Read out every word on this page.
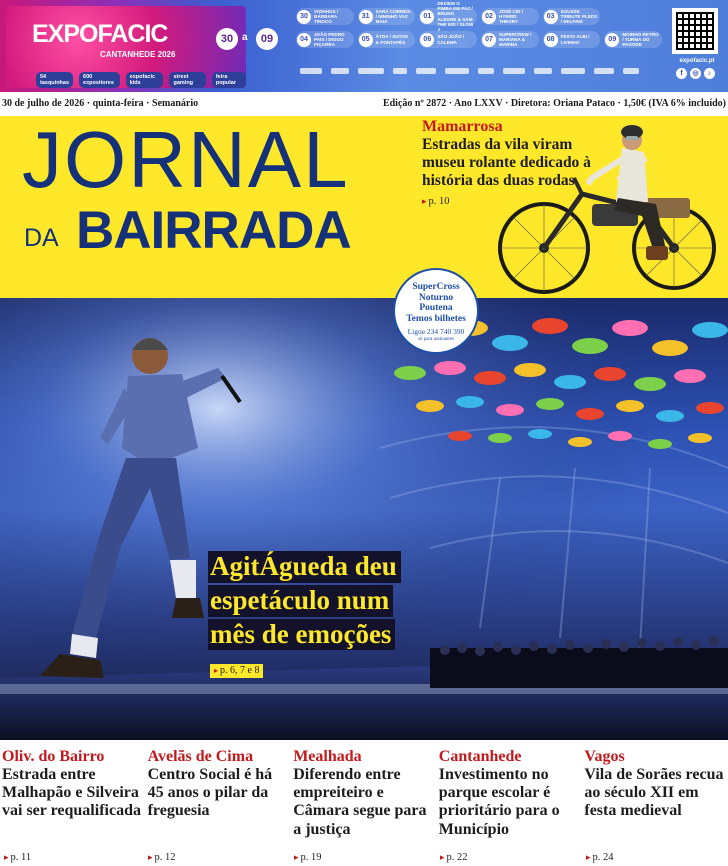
EXPOFACIC
CANTANHEDE 2026
30 a	09
54 tasquinhas
600 expositores
expofacic kids
street gaming
feira popular
30
VIZINHOS / BÁRBARA TINOCO
31
SARA CORREIA / NININHO VAZ MAIA
01
DEIXEM O PIMBA EM PAZ / BRUNO ALEGRE & SAM THE KID / SLOW J
02
JOSÉ CID / HYBRID THEORY
03
SOUSSE TRIBUTE PLEDS / DELFINS
04
JOÃO PEDRO PAIS / DIOGO PIÇARRA
05	ÁTOA / XUTOS & PONTAPÉS	06	SÃO JOÃO / CALEMA	07
SUPERCREW / MARIANA & MARINA
08	FESTA ALBI / LIVINHO	09
MOINHO RETRO / TURMA DO PAGODE
expofacic.pt
f	◎	♪
30 de julho de 2026 · quinta-feira · Semanário	Edição nº 2872 · Ano LXXV · Diretora: Oriana Pataco · 1,50€ (IVA 6% incluído)
JORNAL
DA BAIRRADA
Mamarrosa
Estradas da vila viram museu rolante dedicado à história das duas rodas
▸ p. 10
SuperCross
Noturno
Poutena
Temos bilhetes
Ligue 234 740 390
só para assinantes
AgitÁgueda deu
espetáculo num
mês de emoções
▸ p. 6, 7 e 8
Oliv. do Bairro
Estrada entre Malhapão e Silveira vai ser requalificada
▸ p. 11
Avelãs de Cima
Centro Social é há 45 anos o pilar da freguesia
▸ p. 12
Mealhada
Diferendo entre empreiteiro e Câmara segue para a justiça
▸ p. 19
Cantanhede
Investimento no parque escolar é prioritário para o Município
▸ p. 22
Vagos
Vila de Sorães recua ao século XII em festa medieval
▸ p. 24
